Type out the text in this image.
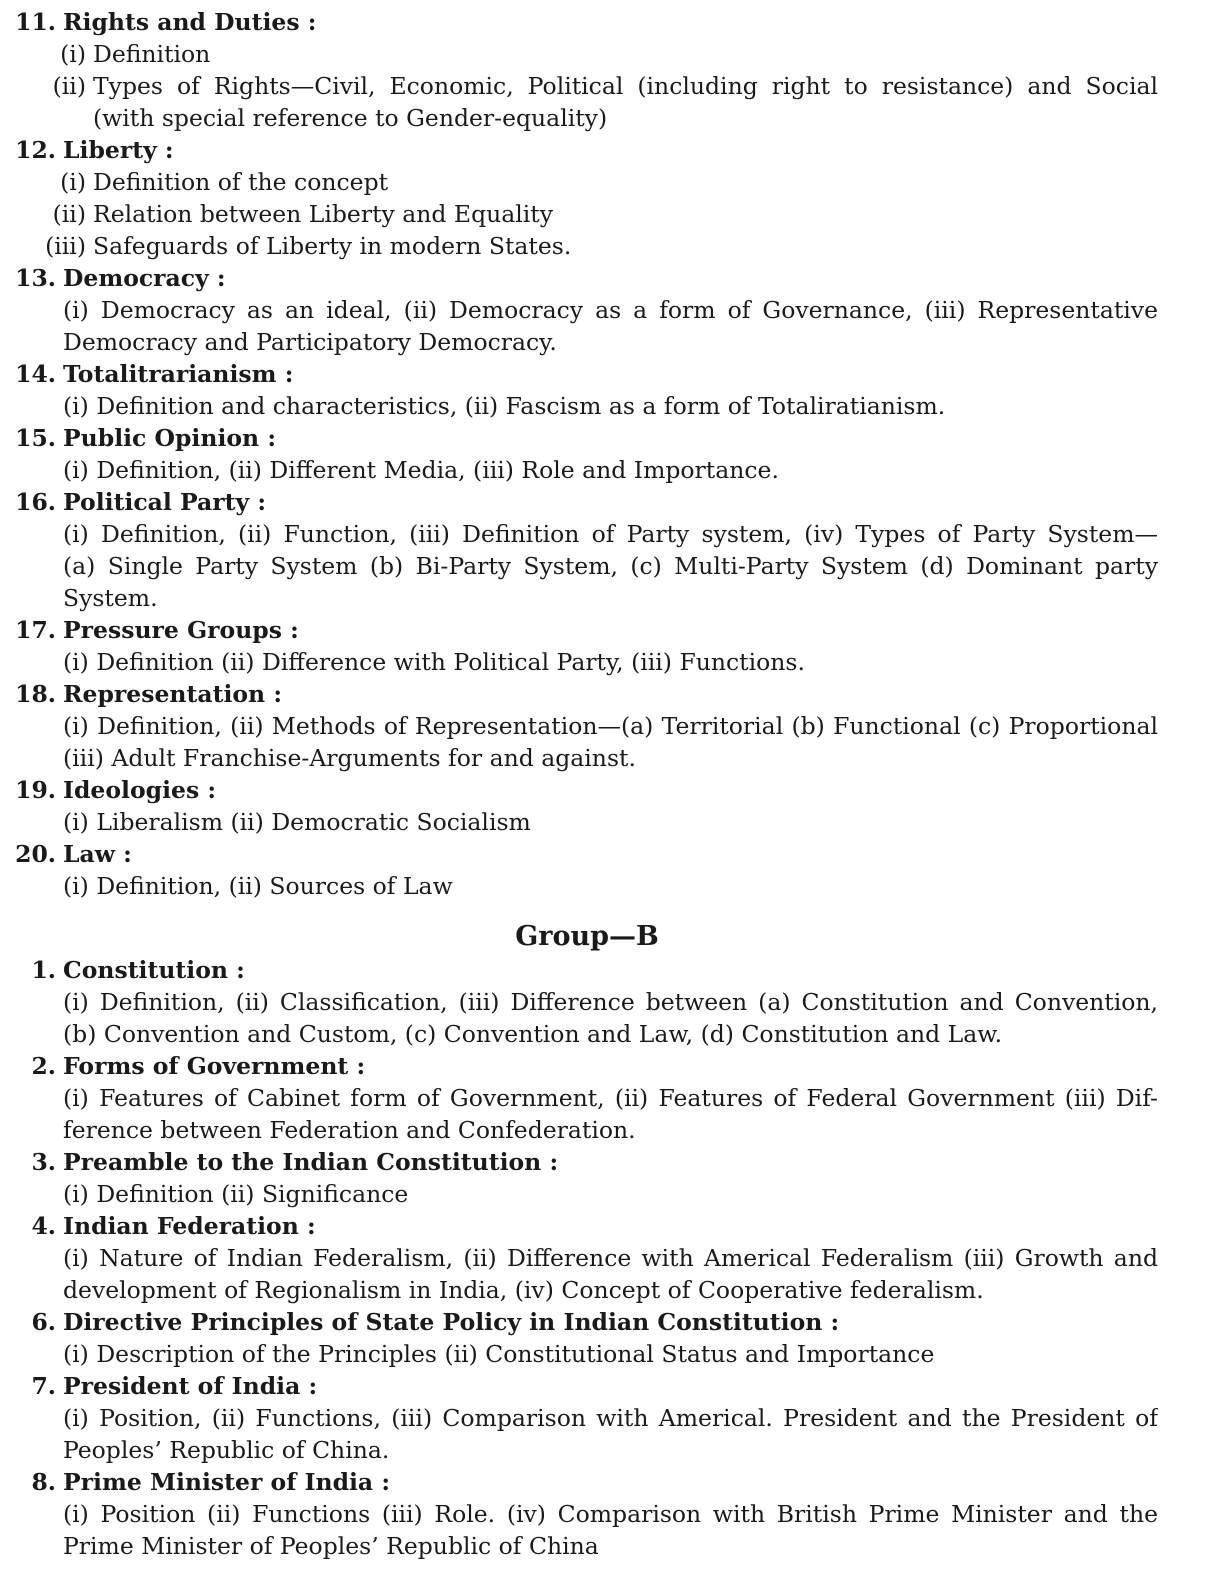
11. Rights and Duties :
(i) Definition
(ii) Types of Rights—Civil, Economic, Political (including right to resistance) and Social
(with special reference to Gender-equality)
12. Liberty :
(i) Definition of the concept
(ii) Relation between Liberty and Equality
(iii) Safeguards of Liberty in modern States.
13. Democracy :
(i) Democracy as an ideal, (ii) Democracy as a form of Governance, (iii) Representative
Democracy and Participatory Democracy.
14. Totalitrarianism :
(i) Definition and characteristics, (ii) Fascism as a form of Totaliratianism.
15. Public Opinion :
(i) Definition, (ii) Different Media, (iii) Role and Importance.
16. Political Party :
(i) Definition, (ii) Function, (iii) Definition of Party system, (iv) Types of Party System—
(a) Single Party System (b) Bi-Party System, (c) Multi-Party System (d) Dominant party
System.
17. Pressure Groups :
(i) Definition (ii) Difference with Political Party, (iii) Functions.
18. Representation :
(i) Definition, (ii) Methods of Representation—(a) Territorial (b) Functional (c) Proportional
(iii) Adult Franchise-Arguments for and against.
19. Ideologies :
(i) Liberalism (ii) Democratic Socialism
20. Law :
(i) Definition, (ii) Sources of Law
Group—B
1. Constitution :
(i) Definition, (ii) Classification, (iii) Difference between (a) Constitution and Convention,
(b) Convention and Custom, (c) Convention and Law, (d) Constitution and Law.
2. Forms of Government :
(i) Features of Cabinet form of Government, (ii) Features of Federal Government (iii) Dif-
ference between Federation and Confederation.
3. Preamble to the Indian Constitution :
(i) Definition (ii) Significance
4. Indian Federation :
(i) Nature of Indian Federalism, (ii) Difference with Americal Federalism (iii) Growth and
development of Regionalism in India, (iv) Concept of Cooperative federalism.
6. Directive Principles of State Policy in Indian Constitution :
(i) Description of the Principles (ii) Constitutional Status and Importance
7. President of India :
(i) Position, (ii) Functions, (iii) Comparison with Americal. President and the President of
Peoples’ Republic of China.
8. Prime Minister of India :
(i) Position (ii) Functions (iii) Role. (iv) Comparison with British Prime Minister and the
Prime Minister of Peoples’ Republic of China
